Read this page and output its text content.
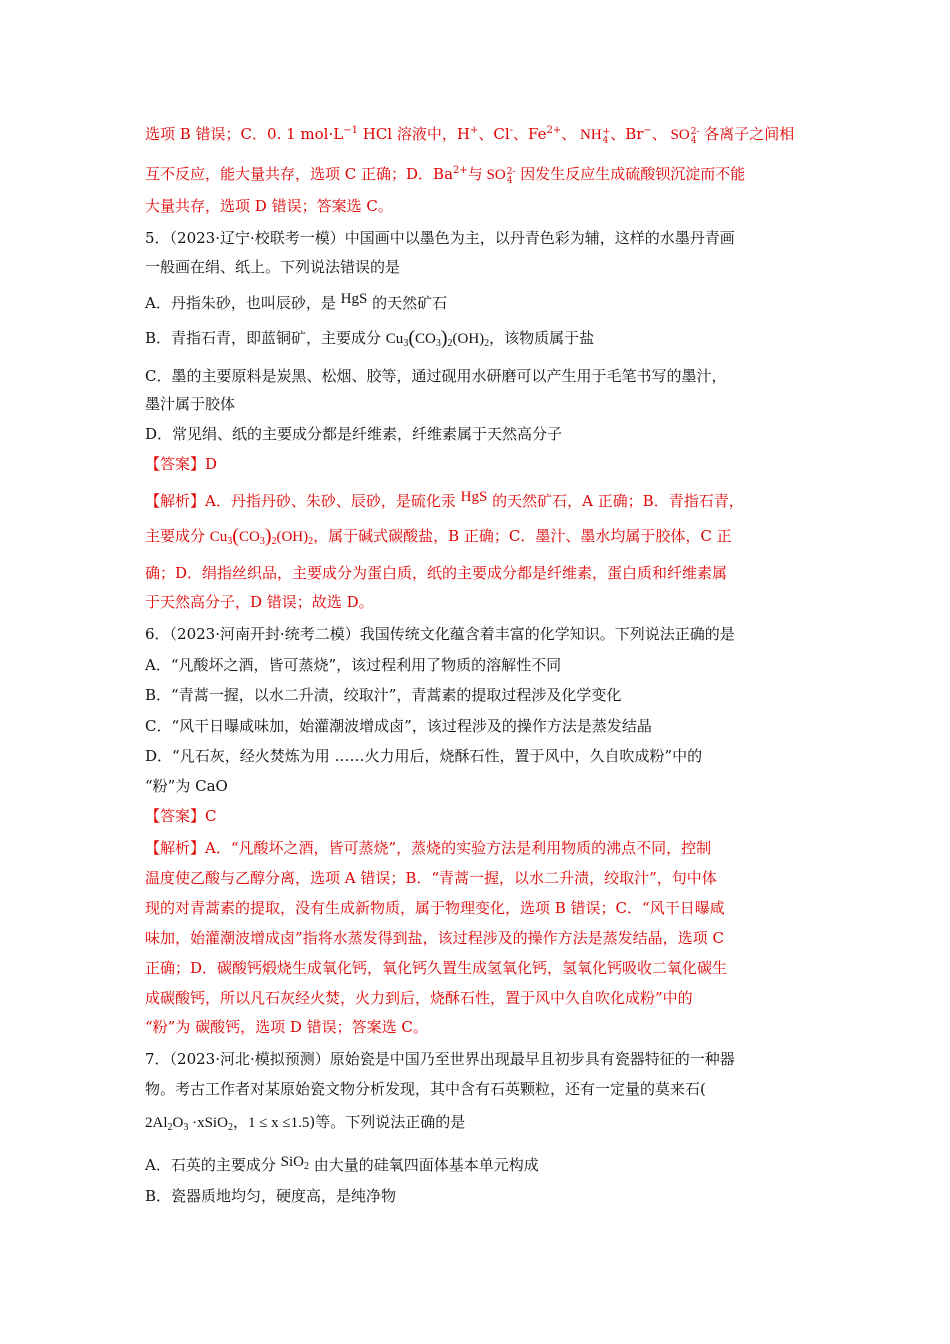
选项 B 错误；C．0. 1 $mol\cdot L^{-1}$ HCl 溶液中，H+、Cl-、$Fe^{2+}$、 NH +
4 、Br−、 SO 2-
4 各离子之间相
互不反应，能大量共存，选项 C 正确；D．$Ba^{2+}$与 SO 2-
4 因发生反应生成硫酸钡沉淀而不能
大量共存，选项 D 错误；答案选 C。
5．（2023·辽宁·校联考一模）中国画中以墨色为主，以丹青色彩为辅，这样的水墨丹青画
一般画在绢、纸上。下列说法错误的是
A．丹指朱砂，也叫辰砂，是 HgS 的天然矿石
B．青指石青，即蓝铜矿，主要成分 $Cu_3(CO_3)_2(OH)_2$，该物质属于盐
C．墨的主要原料是炭黑、松烟、胶等，通过砚用水研磨可以产生用于毛笔书写的墨汁，
墨汁属于胶体
D．常见绢、纸的主要成分都是纤维素，纤维素属于天然高分子
【答案】D
【解析】A．丹指丹砂、朱砂、辰砂，是硫化汞 HgS 的天然矿石，A 正确；B．青指石青，
主要成分 $Cu_3(CO_3)_2(OH)_2$，属于碱式碳酸盐，B 正确；C．墨汁、墨水均属于胶体，C 正
确；D．绢指丝织品，主要成分为蛋白质，纸的主要成分都是纤维素，蛋白质和纤维素属
于天然高分子，D 错误；故选 D。
6．（2023·河南开封·统考二模）我国传统文化蕴含着丰富的化学知识。下列说法正确的是
A．“凡酸坏之酒，皆可蒸烧”，该过程利用了物质的溶解性不同
B．“青蒿一握，以水二升渍，绞取汁”，青蒿素的提取过程涉及化学变化
C．“风干日曝咸味加，始灌潮波增成卤”，该过程涉及的操作方法是蒸发结晶
D．“凡石灰，经火焚炼为用 ……火力用后，烧酥石性，置于风中，久自吹成粉”中的
“粉”为 CaO
【答案】C
【解析】A．“凡酸坏之酒，皆可蒸烧”，蒸烧的实验方法是利用物质的沸点不同，控制
温度使乙酸与乙醇分离，选项 A 错误；B．“青蒿一握，以水二升渍，绞取汁”，句中体
现的对青蒿素的提取，没有生成新物质，属于物理变化，选项 B 错误；C．“风干日曝咸
味加，始灌潮波增成卤”指将水蒸发得到盐，该过程涉及的操作方法是蒸发结晶，选项 C
正确；D．碳酸钙煅烧生成氧化钙，氧化钙久置生成氢氧化钙，氢氧化钙吸收二氧化碳生
成碳酸钙，所以凡石灰经火焚，火力到后，烧酥石性，置于风中久自吹化成粉”中的
“粉”为 碳酸钙，选项 D 错误；答案选 C。
7．（2023·河北·模拟预测）原始瓷是中国乃至世界出现最早且初步具有瓷器特征的一种器
物。考古工作者对某原始瓷文物分析发现，其中含有石英颗粒，还有一定量的莫来石(
$2Al_2O_3$ ·xSiO$_2$，1 ≤ x ≤1.5)等。下列说法正确的是
A．石英的主要成分 SiO$_2$ 由大量的硅氧四面体基本单元构成
B．瓷器质地均匀，硬度高，是纯净物
